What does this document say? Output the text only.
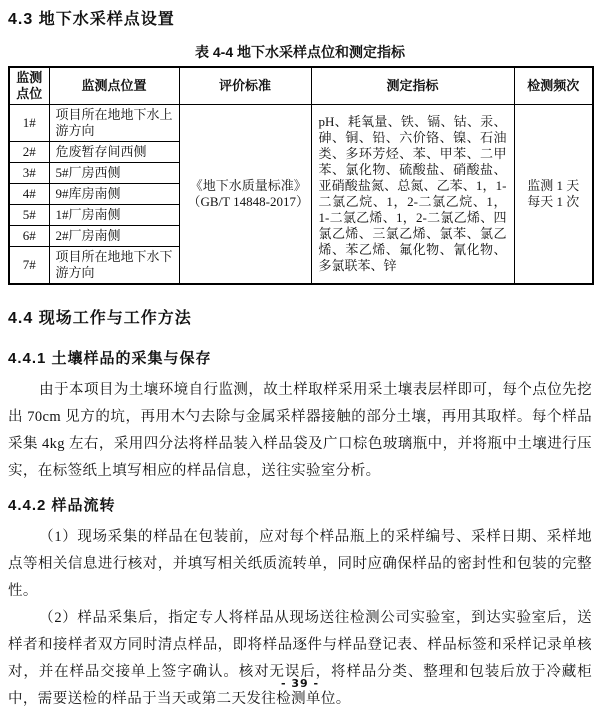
4.3 地下水采样点设置
表 4-4 地下水采样点位和测定指标
监测点位	监测点位置	评价标准	测定指标	检测频次
1#	项目所在地地下水上游方向	《地下水质量标准》（GB/T 14848-2017）	pH、耗氧量、铁、镉、钴、汞、砷、铜、铅、六价铬、镍、石油类、多环芳烃、苯、甲苯、二甲苯、氯化物、硫酸盐、硝酸盐、亚硝酸盐氮、总氮、乙苯、1，1-二氯乙烷、1，2-二氯乙烷、1，1-二氯乙烯、1，2-二氯乙烯、四氯乙烯、三氯乙烯、氯苯、氯乙烯、苯乙烯、氟化物、氰化物、多氯联苯、锌	监测 1 天
每天 1 次

2#	危废暂存间西侧			
3#	5#厂房西侧			
4#	9#库房南侧			
5#	1#厂房南侧			
6#	2#厂房南侧			
7#	项目所在地地下水下游方向			
4.4 现场工作与工作方法
4.4.1 土壤样品的采集与保存

由于本项目为土壤环境自行监测，故土样取样采用采土壤表层样即可，每个点位先挖出 70cm 见方的坑，再用木勺去除与金属采样器接触的部分土壤，再用其取样。每个样品采集 4kg 左右，采用四分法将样品装入样品袋及广口棕色玻璃瓶中，并将瓶中土壤进行压实，在标签纸上填写相应的样品信息，送往实验室分析。

4.4.2 样品流转

（1）现场采集的样品在包装前，应对每个样品瓶上的采样编号、采样日期、采样地点等相关信息进行核对，并填写相关纸质流转单，同时应确保样品的密封性和包装的完整性。

（2）样品采集后，指定专人将样品从现场送往检测公司实验室，到达实验室后，送样者和接样者双方同时清点样品，即将样品逐件与样品登记表、样品标签和采样记录单核对，并在样品交接单上签字确认。核对无误后，将样品分类、整理和包装后放于冷藏柜中，需要送检的样品于当天或第二天发往检测单位。

- 39 -
